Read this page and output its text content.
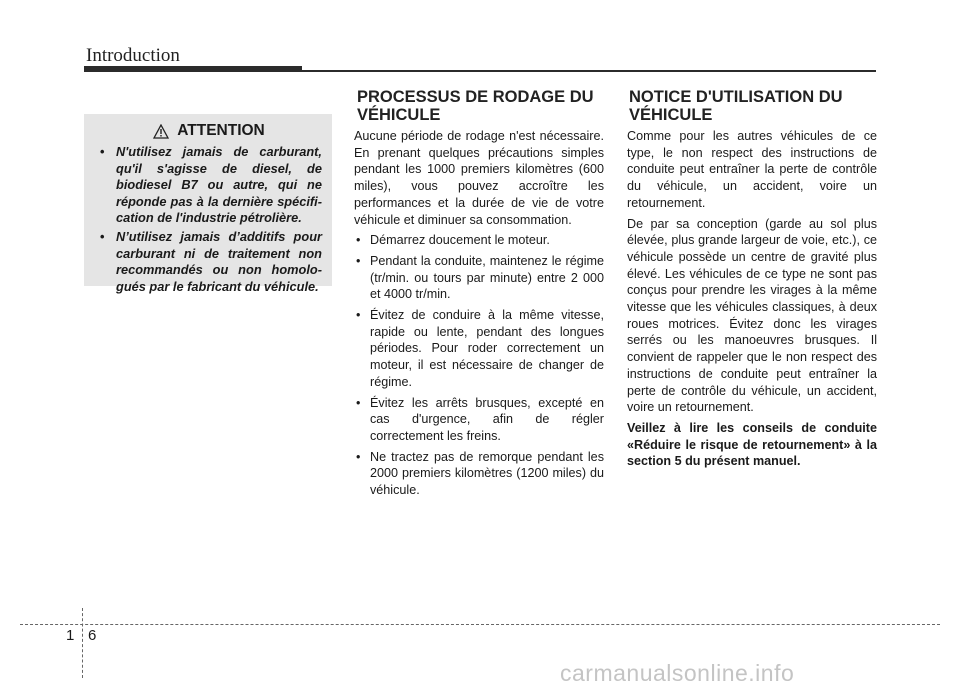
Introduction
ATTENTION
• N'utilisez jamais de carburant, qu'il s'agisse de diesel, de biodiesel B7 ou autre, qui ne réponde pas à la dernière spécifi- cation de l'industrie pétrolière.
• N’utilisez jamais d’additifs pour carburant ni de traitement non recommandés ou non homolo- gués par le fabricant du véhicule.
PROCESSUS DE RODAGE DU
VÉHICULE

Aucune période de rodage n'est nécessaire. En prenant quelques précautions simples pendant les 1000 premiers kilomètres (600 miles), vous pouvez accroître les performances et la durée de vie de votre véhicule et diminuer sa consommation.

• Démarrez doucement le moteur.
• Pendant la conduite, maintenez le régime (tr/min. ou tours par minute) entre 2 000 et 4000 tr/min.
• Évitez de conduire à la même vitesse, rapide ou lente, pendant des longues périodes. Pour roder correctement un moteur, il est nécessaire de changer de régime.
• Évitez les arrêts brusques, excepté en cas d'urgence, afin de régler correctement les freins.
• Ne tractez pas de remorque pendant les 2000 premiers kilomètres (1200 miles) du véhicule.
NOTICE D'UTILISATION DU
VÉHICULE

Comme pour les autres véhicules de ce type, le non respect des instructions de conduite peut entraîner la perte de contrôle du véhicule, un accident, voire un retournement.

De par sa conception (garde au sol plus élevée, plus grande largeur de voie, etc.), ce véhicule possède un centre de gravité plus élevé. Les véhicules de ce type ne sont pas conçus pour prendre les virages à la même vitesse que les véhicules classiques, à deux roues motrices. Évitez donc les virages serrés ou les manoeuvres brusques. Il convient de rappeler que le non respect des instructions de conduite peut entraîner la perte de contrôle du véhicule, un accident, voire un retournement.

Veillez à lire les conseils de conduite «Réduire le risque de retournement» à la section 5 du présent manuel.

1 6
carmanualsonline.info
